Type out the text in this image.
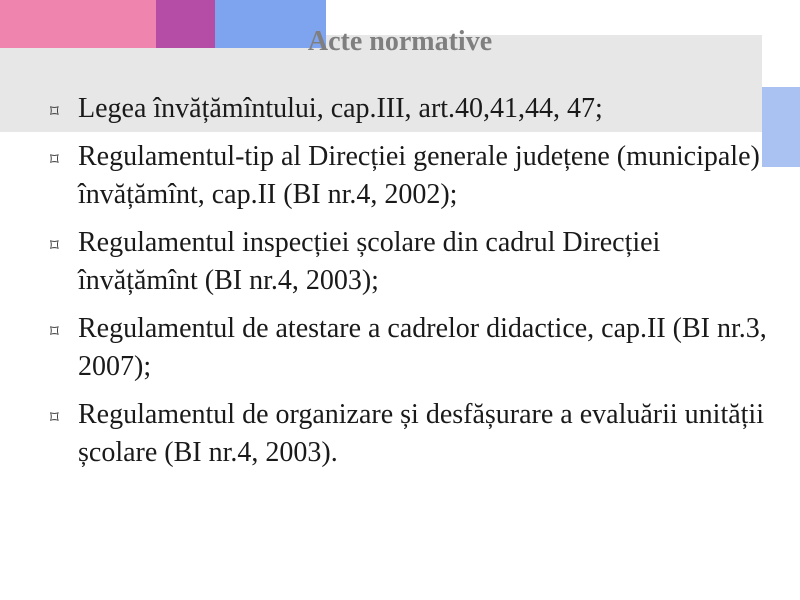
Acte normative
⌑ Legea învățămîntului, cap.III, art.40,41,44, 47;
⌑ Regulamentul-tip al Direcției generale județene (municipale) învățămînt, cap.II (BI nr.4, 2002);
⌑ Regulamentul inspecției școlare din cadrul Direcției învățămînt (BI nr.4, 2003);
⌑ Regulamentul de atestare a cadrelor didactice, cap.II (BI nr.3, 2007);
⌑ Regulamentul de organizare și desfășurare a evaluării unității școlare (BI nr.4, 2003).
